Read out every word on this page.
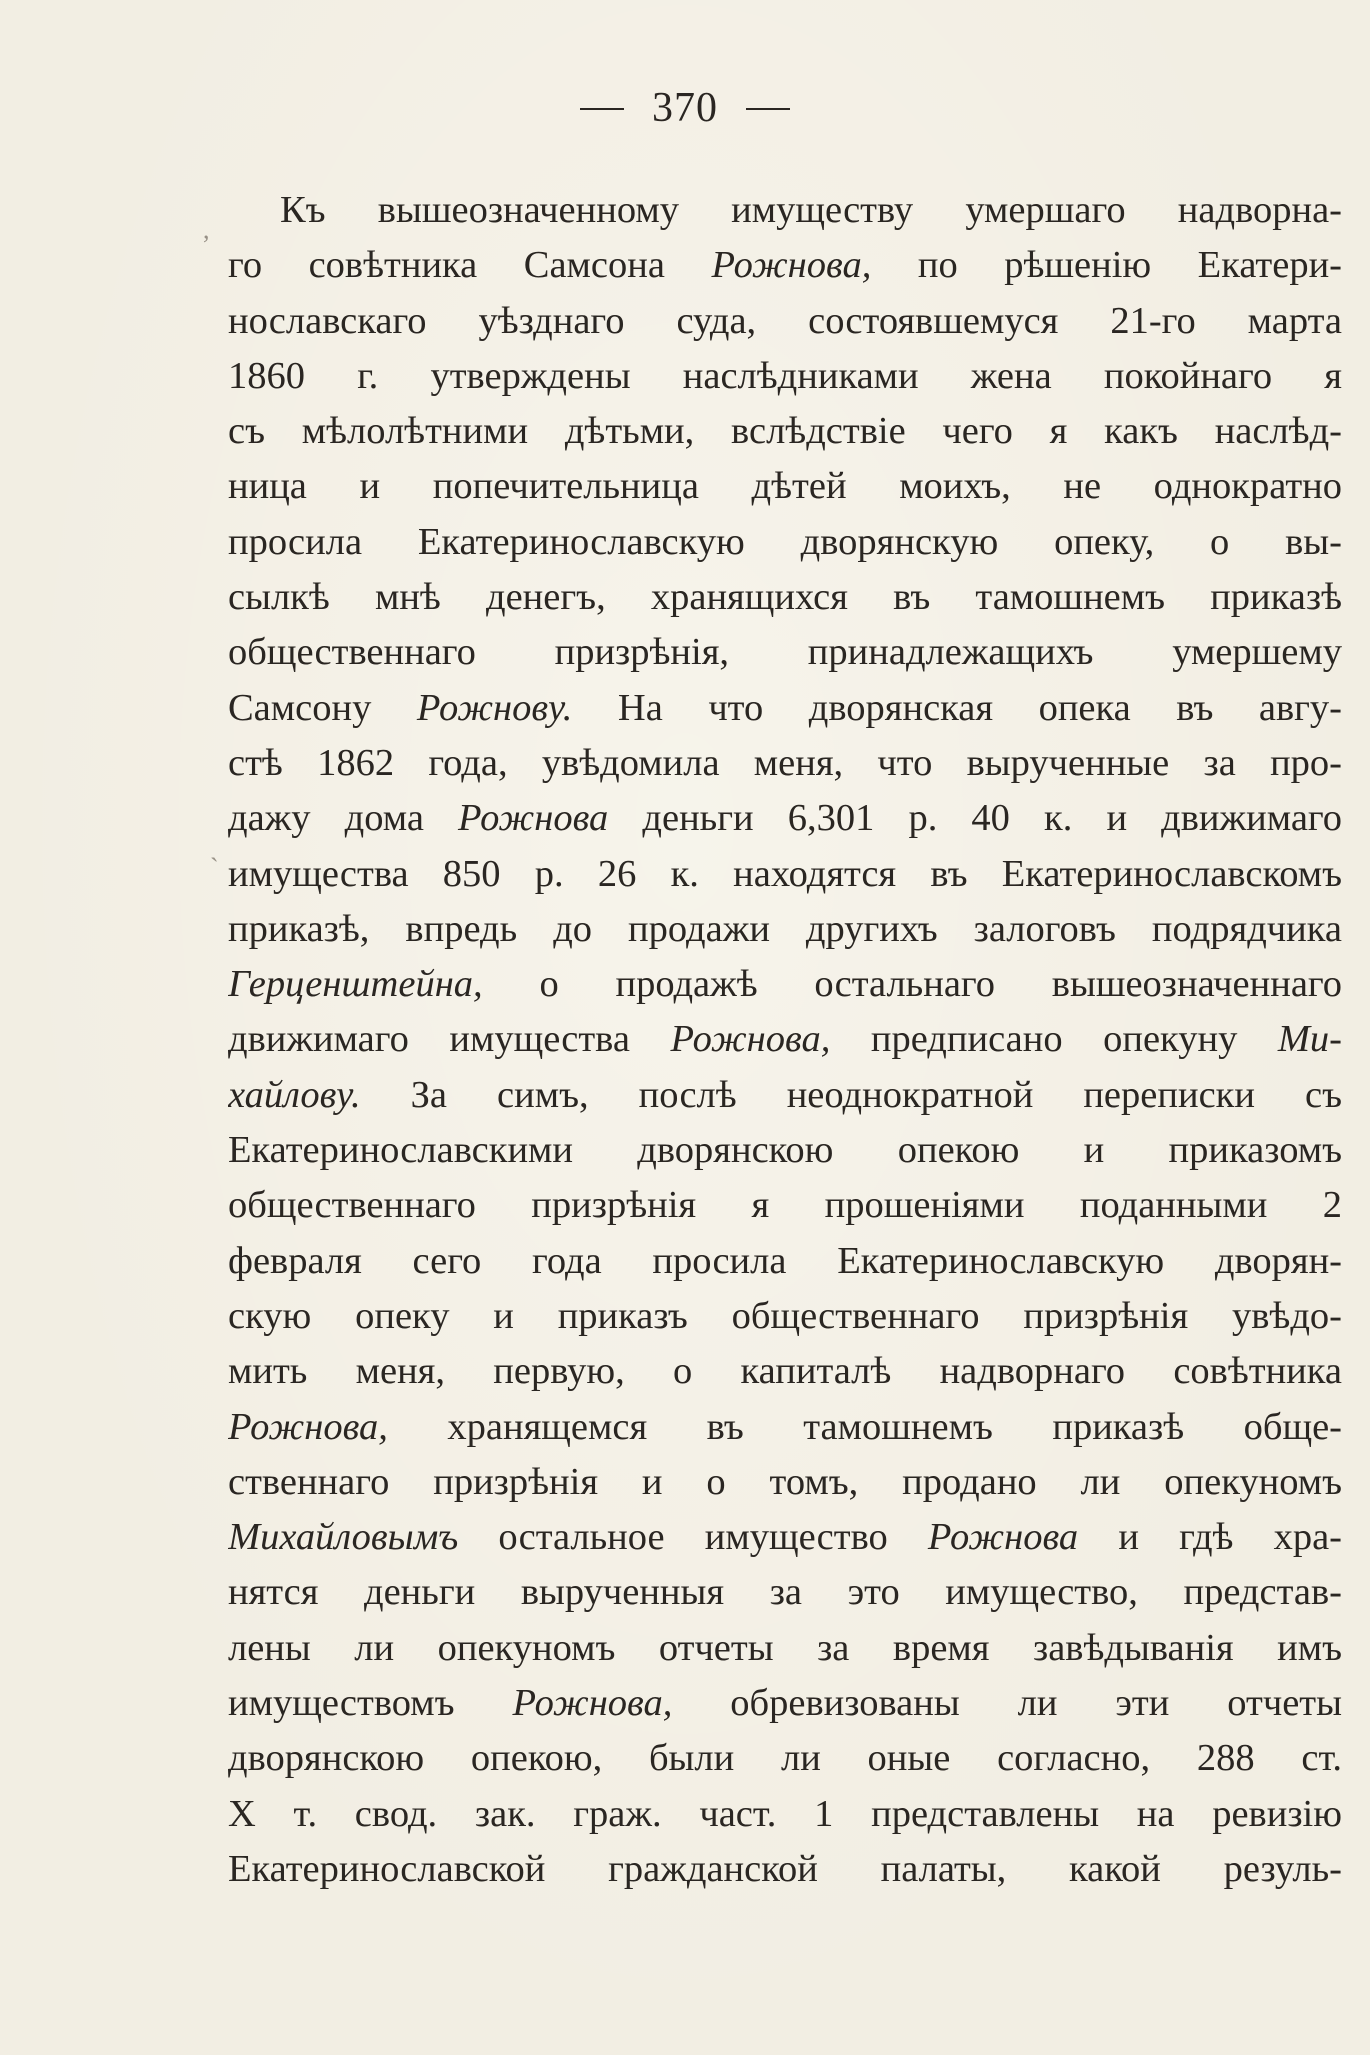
370
Къ вышеозначенному имуществу умершаго надворна-
го совѣтника Самсона Рожнова, по рѣшенію Екатери-
нославскаго уѣзднаго суда, состоявшемуся 21-го марта
1860 г. утверждены наслѣдниками жена покойнаго я
съ мѣлолѣтними дѣтьми, вслѣдствіе чего я какъ наслѣд-
ница и попечительница дѣтей моихъ, не однократно
просила Екатеринославскую дворянскую опеку, о вы-
сылкѣ мнѣ денегъ, хранящихся въ тамошнемъ приказѣ
общественнаго призрѣнія, принадлежащихъ умершему
Самсону Рожнову. На что дворянская опека въ авгу-
стѣ 1862 года, увѣдомила меня, что вырученные за про-
дажу дома Рожнова деньги 6,301 р. 40 к. и движимаго
имущества 850 р. 26 к. находятся въ Екатеринославскомъ
приказѣ, впредь до продажи другихъ залоговъ подрядчика
Герценштейна, о продажѣ остальнаго вышеозначеннаго
движимаго имущества Рожнова, предписано опекуну Ми-
хайлову. За симъ, послѣ неоднократной переписки съ
Екатеринославскими дворянскою опекою и приказомъ
общественнаго призрѣнія я прошеніями поданными 2
февраля сего года просила Екатеринославскую дворян-
скую опеку и приказъ общественнаго призрѣнія увѣдо-
мить меня, первую, о капиталѣ надворнаго совѣтника
Рожнова, хранящемся въ тамошнемъ приказѣ обще-
ственнаго призрѣнія и о томъ, продано ли опекуномъ
Михайловымъ остальное имущество Рожнова и гдѣ хра-
нятся деньги вырученныя за это имущество, представ-
лены ли опекуномъ отчеты за время завѣдыванія имъ
имуществомъ Рожнова, обревизованы ли эти отчеты
дворянскою опекою, были ли оные согласно, 288 ст.
X т. свод. зак. граж. част. 1 представлены на ревизію
Екатеринославской гражданской палаты, какой резуль-
,
ˋ
